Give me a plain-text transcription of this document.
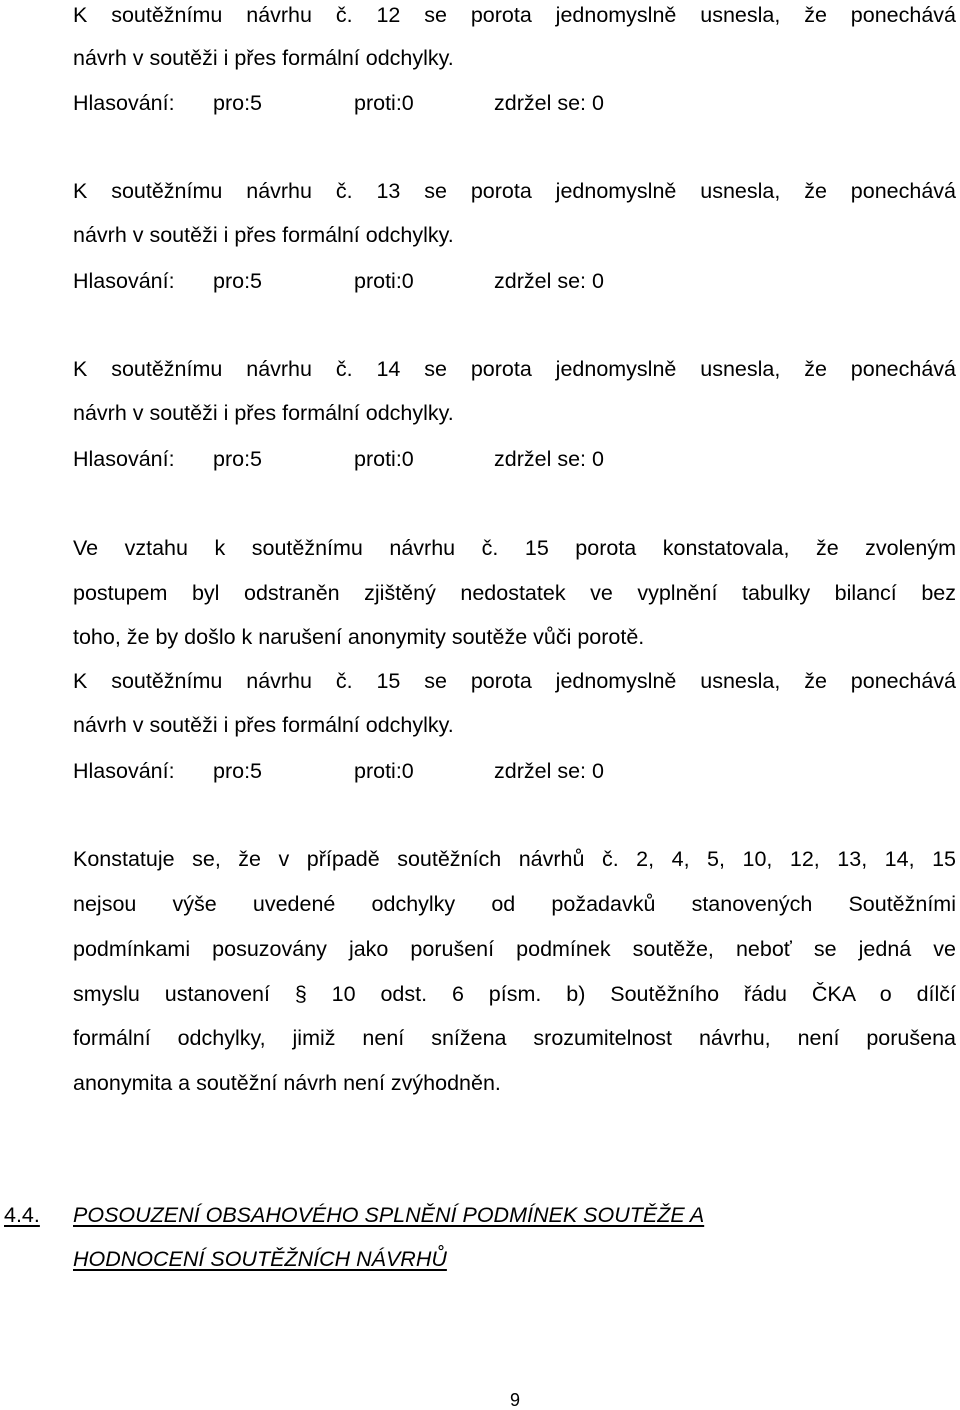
K soutěžnímu návrhu č. 12 se porota jednomyslně usnesla, že ponechává
návrh v soutěži i přes formální odchylky.
Hlasování: pro:5	proti:0	zdržel se: 0
K soutěžnímu návrhu č. 13 se porota jednomyslně usnesla, že ponechává
návrh v soutěži i přes formální odchylky.
Hlasování: pro:5	proti:0	zdržel se: 0
K soutěžnímu návrhu č. 14 se porota jednomyslně usnesla, že ponechává
návrh v soutěži i přes formální odchylky.
Hlasování: pro:5	proti:0	zdržel se: 0
Ve vztahu k soutěžnímu návrhu č. 15 porota konstatovala, že zvoleným
postupem byl odstraněn zjištěný nedostatek ve vyplnění tabulky bilancí bez
toho, že by došlo k narušení anonymity soutěže vůči porotě.
K soutěžnímu návrhu č. 15 se porota jednomyslně usnesla, že ponechává
návrh v soutěži i přes formální odchylky.
Hlasování: pro:5	proti:0	zdržel se: 0
Konstatuje se, že v případě soutěžních návrhů č. 2, 4, 5, 10, 12, 13, 14, 15
nejsou výše uvedené odchylky od požadavků stanovených Soutěžními
podmínkami posuzovány jako porušení podmínek soutěže, neboť se jedná ve
smyslu ustanovení § 10 odst. 6 písm. b) Soutěžního řádu ČKA o dílčí
formální odchylky, jimiž není snížena srozumitelnost návrhu, není porušena
anonymita a soutěžní návrh není zvýhodněn.
4.4. POSOUZENÍ OBSAHOVÉHO SPLNĚNÍ PODMÍNEK SOUTĚŽE A
HODNOCENÍ SOUTĚŽNÍCH NÁVRHŮ
9
